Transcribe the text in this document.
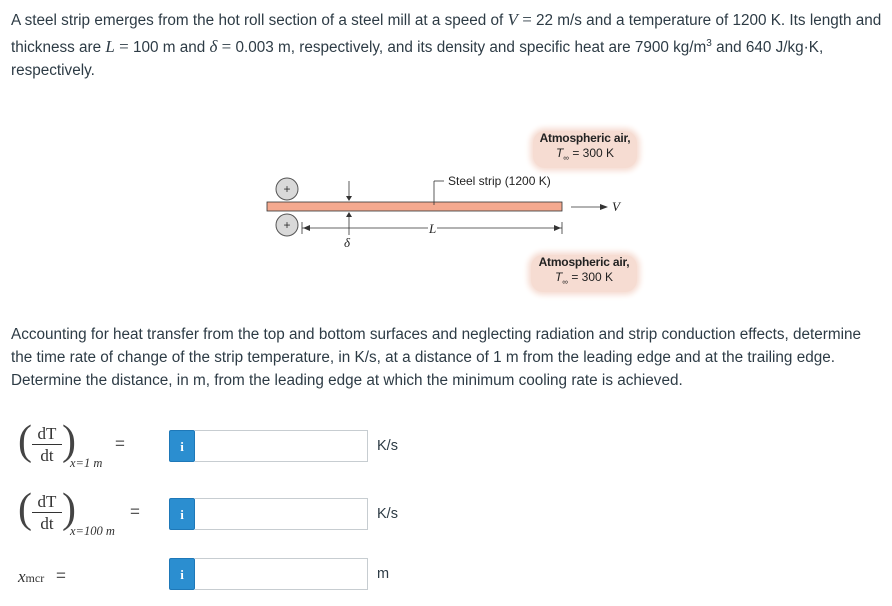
A steel strip emerges from the hot roll section of a steel mill at a speed of V = 22 m/s and a temperature of 1200 K. Its length and thickness are L = 100 m and δ = 0.003 m, respectively, and its density and specific heat are 7900 $kg/m^3$ and 640 J/kg·K, respectively.

+
+
Atmospheric air,
$T_\infty = 300$ K
Atmospheric air,
$T_\infty = 300$ K
Steel strip (1200 K)
V
L
δ

Accounting for heat transfer from the top and bottom surfaces and neglecting radiation and strip conduction effects, determine the time rate of change of the strip temperature, in K/s, at a distance of 1 m from the leading edge and at the trailing edge. Determine the distance, in m, from the leading edge at which the minimum cooling rate is achieved.

( dT
dt )
x=1 m
=	i	K/s
( dT
dt )
x=100 m
=	i	K/s
xmcr =	i	m
